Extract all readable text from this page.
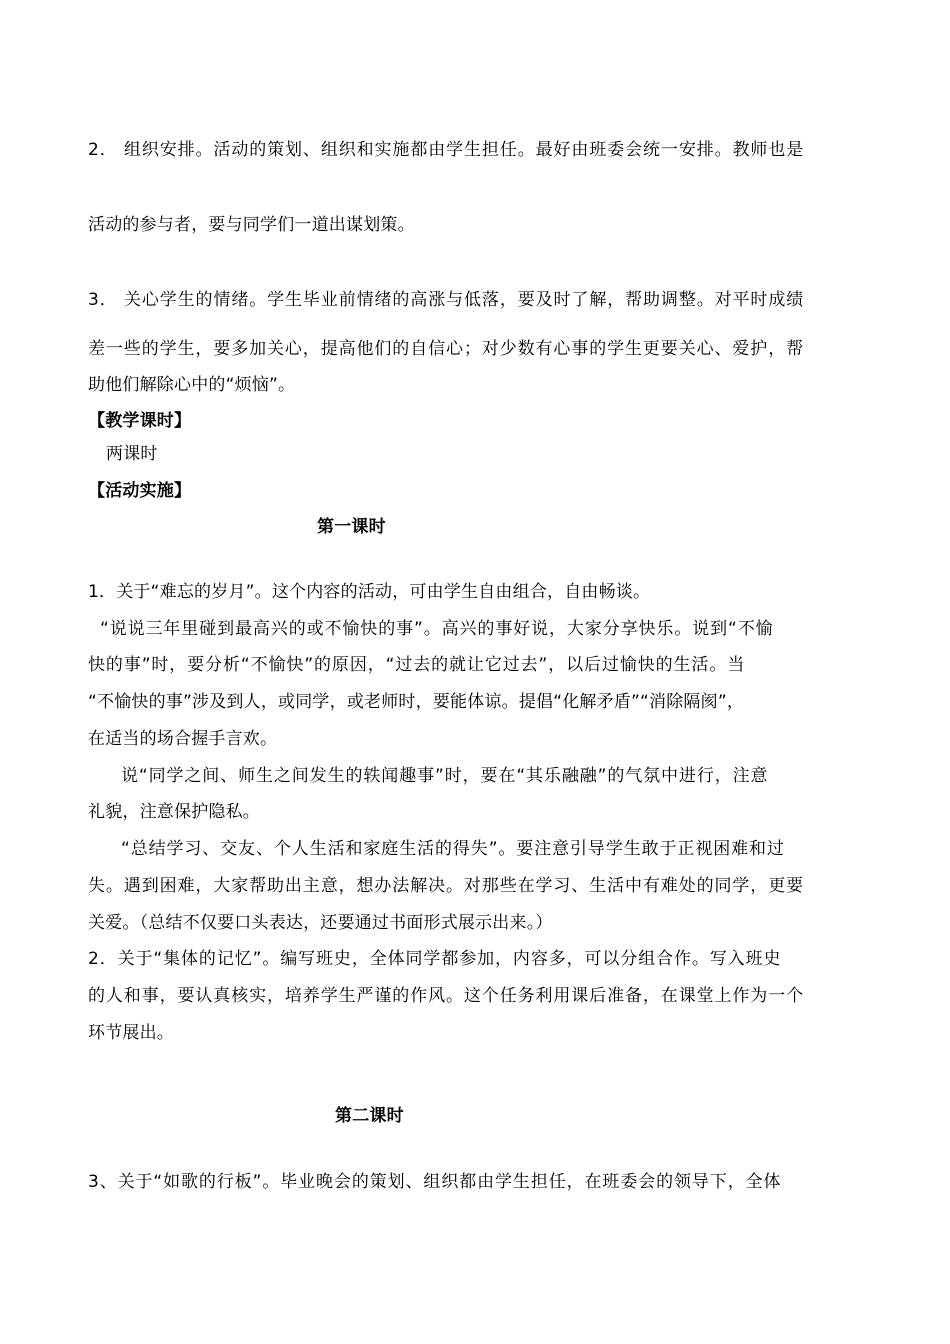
2． 组织安排。活动的策划、组织和实施都由学生担任。最好由班委会统一安排。教师也是
活动的参与者，要与同学们一道出谋划策。
3． 关心学生的情绪。学生毕业前情绪的高涨与低落，要及时了解，帮助调整。对平时成绩
差一些的学生，要多加关心，提高他们的自信心；对少数有心事的学生更要关心、爱护，帮
助他们解除心中的“烦恼”。
【教学课时】
两课时
【活动实施】
第一课时
1．关于“难忘的岁月”。这个内容的活动，可由学生自由组合，自由畅谈。
“说说三年里碰到最高兴的或不愉快的事”。高兴的事好说，大家分享快乐。说到“不愉
快的事”时，要分析“不愉快”的原因，“过去的就让它过去”，以后过愉快的生活。当
“不愉快的事”涉及到人，或同学，或老师时，要能体谅。提倡“化解矛盾”“消除隔阂”，
在适当的场合握手言欢。
说“同学之间、师生之间发生的轶闻趣事”时，要在“其乐融融”的气氛中进行，注意
礼貌，注意保护隐私。
“总结学习、交友、个人生活和家庭生活的得失”。要注意引导学生敢于正视困难和过
失。遇到困难，大家帮助出主意，想办法解决。对那些在学习、生活中有难处的同学，更要
关爱。（总结不仅要口头表达，还要通过书面形式展示出来。）
2．关于“集体的记忆”。编写班史，全体同学都参加，内容多，可以分组合作。写入班史
的人和事，要认真核实，培养学生严谨的作风。这个任务利用课后准备，在课堂上作为一个
环节展出。
第二课时
3、关于“如歌的行板”。毕业晚会的策划、组织都由学生担任，在班委会的领导下，全体
